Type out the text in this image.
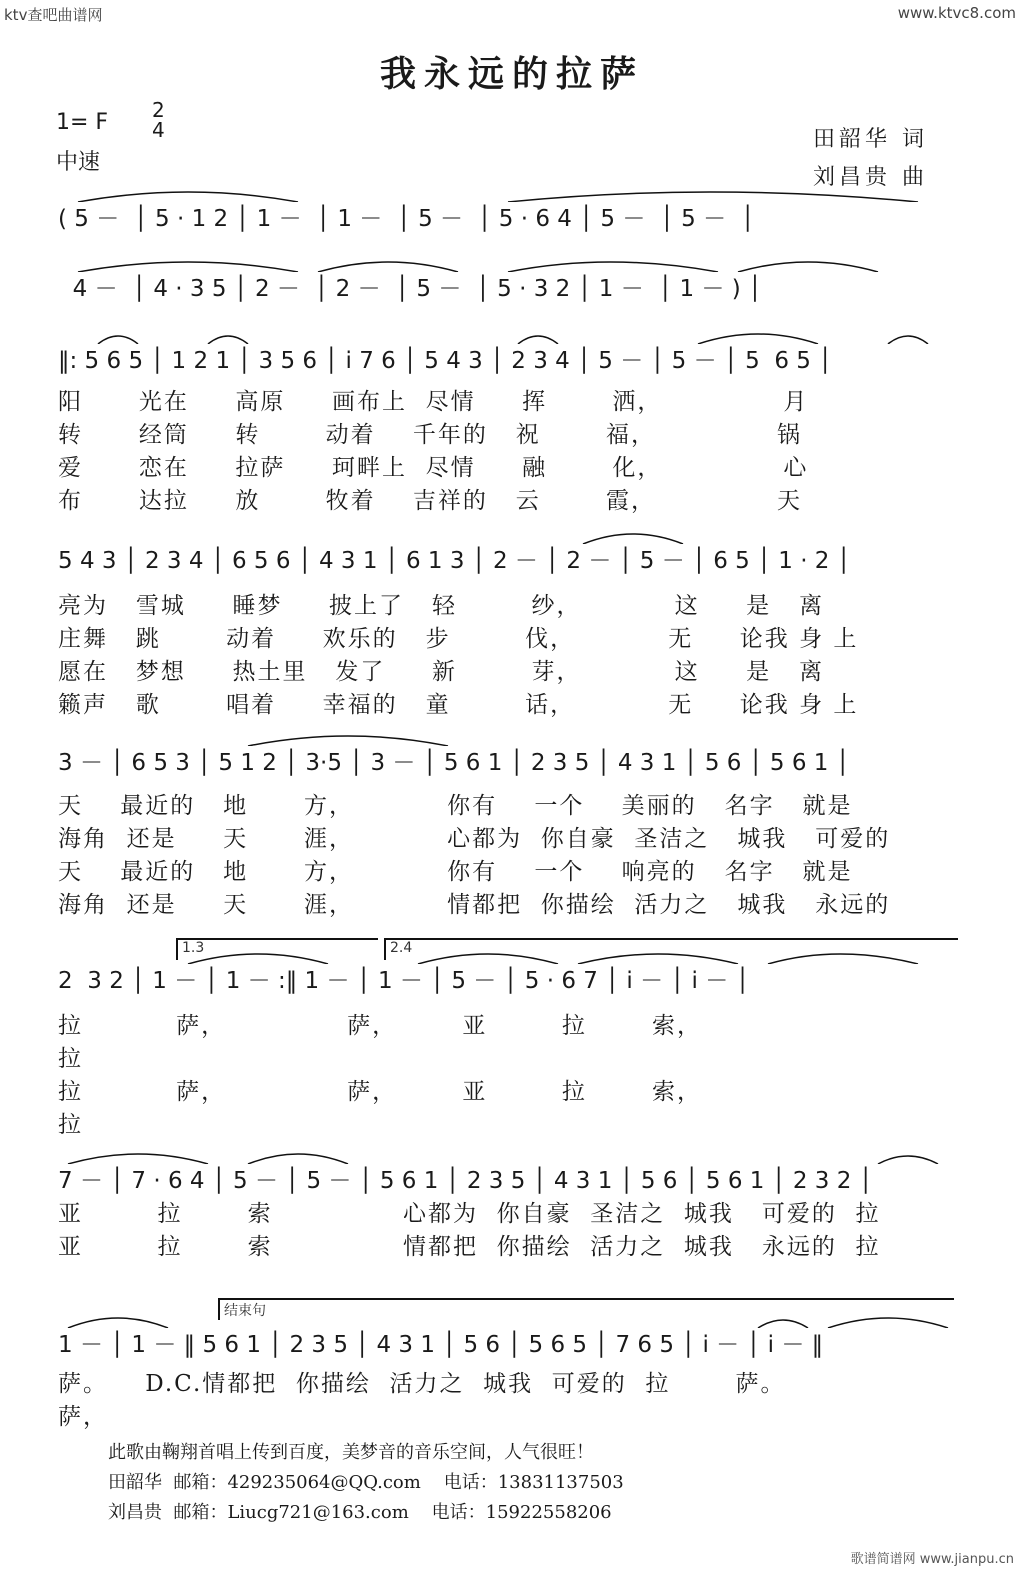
ktv查吧曲谱网	www.ktvc8.com
我永远的拉萨
1= F 2
4
中速
田韶华 词
刘昌贵 曲
( 5 －  │ 5 · 1 2 │ 1 －  │ 1 －  │ 5 －  │ 5 · 6 4 │ 5 －  │ 5 －  │
4 －  │ 4 · 3 5 │ 2 －  │ 2 －  │ 5 －  │ 5 · 3 2 │ 1 －  │ 1 － ) │
‖: 5 6 5 │ 1 2 1 │ 3 5 6 │ i 7 6 │ 5 4 3 │ 2 3 4 │ 5 － │ 5 － │ 5  6 5 │
阳      光在     高原     画布上  尽情     挥       洒，             月
转      经筒     转       动着    千年的   祝       福，             锅
爱      恋在     拉萨     珂畔上  尽情     融       化，             心
布      达拉     放       牧着    吉祥的   云       霞，             天
5 4 3 │ 2 3 4 │ 6 5 6 │ 4 3 1 │ 6 1 3 │ 2 － │ 2 － │ 5 － │ 6 5 │ 1 · 2 │
亮为   雪城     睡梦     披上了   轻        纱，          这     是   离
庄舞   跳       动着     欢乐的   步        伐，          无     论我 身 上
愿在   梦想     热土里   发了     新        芽，          这     是   离
籁声   歌       唱着     幸福的   童        话，          无     论我 身 上
3 － │ 6 5 3 │ 5 1 2 │ 3·5 │ 3 － │ 5 6 1 │ 2 3 5 │ 4 3 1 │ 5 6 │ 5 6 1 │
天    最近的   地      方，          你有    一个    美丽的   名字   就是
海角  还是     天      涯，          心都为  你自豪  圣洁之   城我   可爱的
天    最近的   地      方，          你有    一个    响亮的   名字   就是
海角  还是     天      涯，          情都把  你描绘  活力之   城我   永远的
1.3	2.4
2  3 2 │ 1 － │ 1 － :‖ 1 － │ 1 － │ 5 － │ 5 · 6 7 │ i － │ i － │
拉          萨，             萨，       亚        拉       索，
拉
拉          萨，             萨，       亚        拉       索，
拉
7 － │ 7 · 6 4 │ 5 － │ 5 － │ 5 6 1 │ 2 3 5 │ 4 3 1 │ 5 6 │ 5 6 1 │ 2 3 2 │
亚        拉       索              心都为  你自豪  圣洁之  城我   可爱的  拉
亚        拉       索              情都把  你描绘  活力之  城我   永远的  拉
结束句
1 － │ 1 － ‖ 5 6 1 │ 2 3 5 │ 4 3 1 │ 5 6 │ 5 6 5 │ 7 6 5 │ i － │ i － ‖
萨。    D.C.情都把  你描绘  活力之  城我  可爱的  拉       萨。
萨，
此歌由鞠翔首唱上传到百度，美梦音的音乐空间，人气很旺！
田韶华  邮箱：429235064@QQ.com    电话：13831137503
刘昌贵  邮箱：Liucg721@163.com    电话：15922558206
歌谱简谱网 www.jianpu.cn
